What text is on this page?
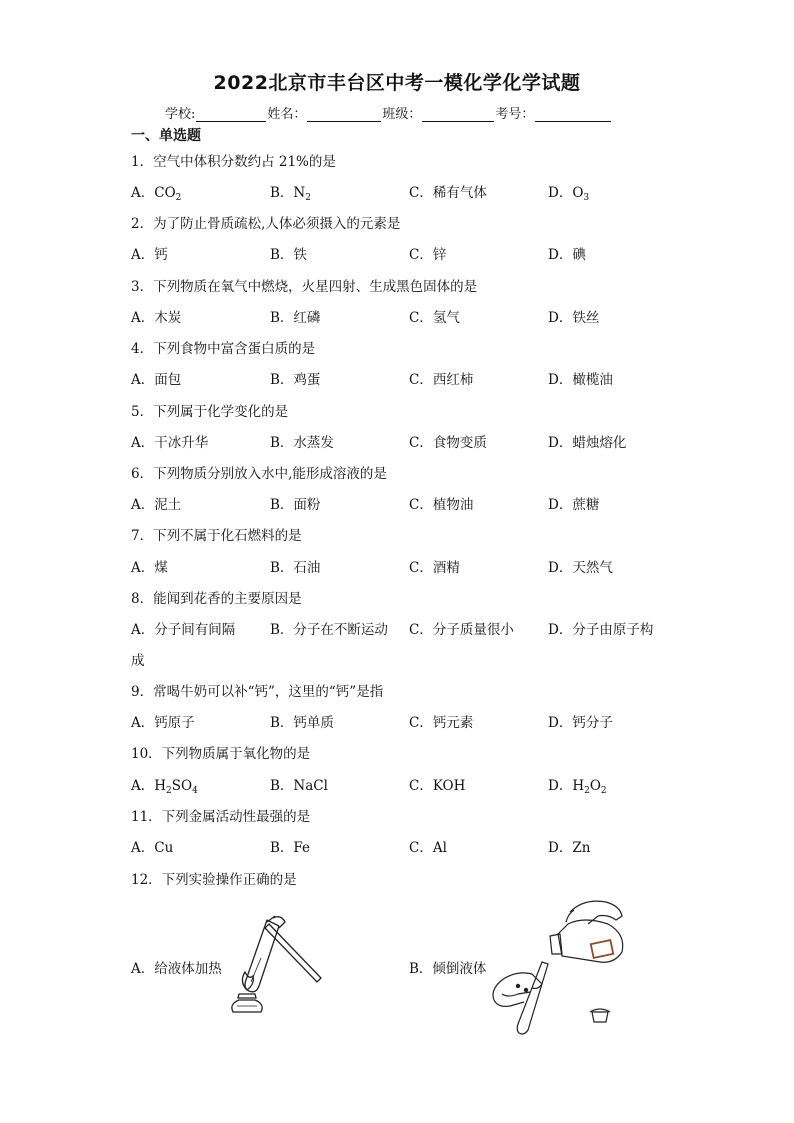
2022北京市丰台区中考一模化学化学试题
学校:	姓名：	班级：	考号：
一、单选题
1．空气中体积分数约占 21%的是
A．$CO_2$	B．$N_2$	C．稀有气体	D．$O_3$
2．为了防止骨质疏松,人体必须摄入的元素是
A．钙	B．铁	C．锌	D．碘
3．下列物质在氧气中燃烧，火星四射、生成黑色固体的是
A．木炭	B．红磷	C．氢气	D．铁丝
4．下列食物中富含蛋白质的是
A．面包	B．鸡蛋	C．西红柿	D．橄榄油
5．下列属于化学变化的是
A．干冰升华	B．水蒸发	C．食物变质	D．蜡烛熔化
6．下列物质分别放入水中,能形成溶液的是
A．泥土	B．面粉	C．植物油	D．蔗糖
7．下列不属于化石燃料的是
A．煤	B．石油	C．酒精	D．天然气
8．能闻到花香的主要原因是
A．分子间有间隔	B．分子在不断运动 C．分子质量很小	D．分子由原子构
成
9．常喝牛奶可以补“钙”，这里的“钙”是指
A．钙原子	B．钙单质	C．钙元素	D．钙分子
10．下列物质属于氧化物的是
A．$H_2SO_4$	B．NaCl	C．KOH	D．$H_2O_2$
11．下列金属活动性最强的是
A．Cu	B．Fe	C．Al	D．Zn
12．下列实验操作正确的是
A．给液体加热	B．倾倒液体
